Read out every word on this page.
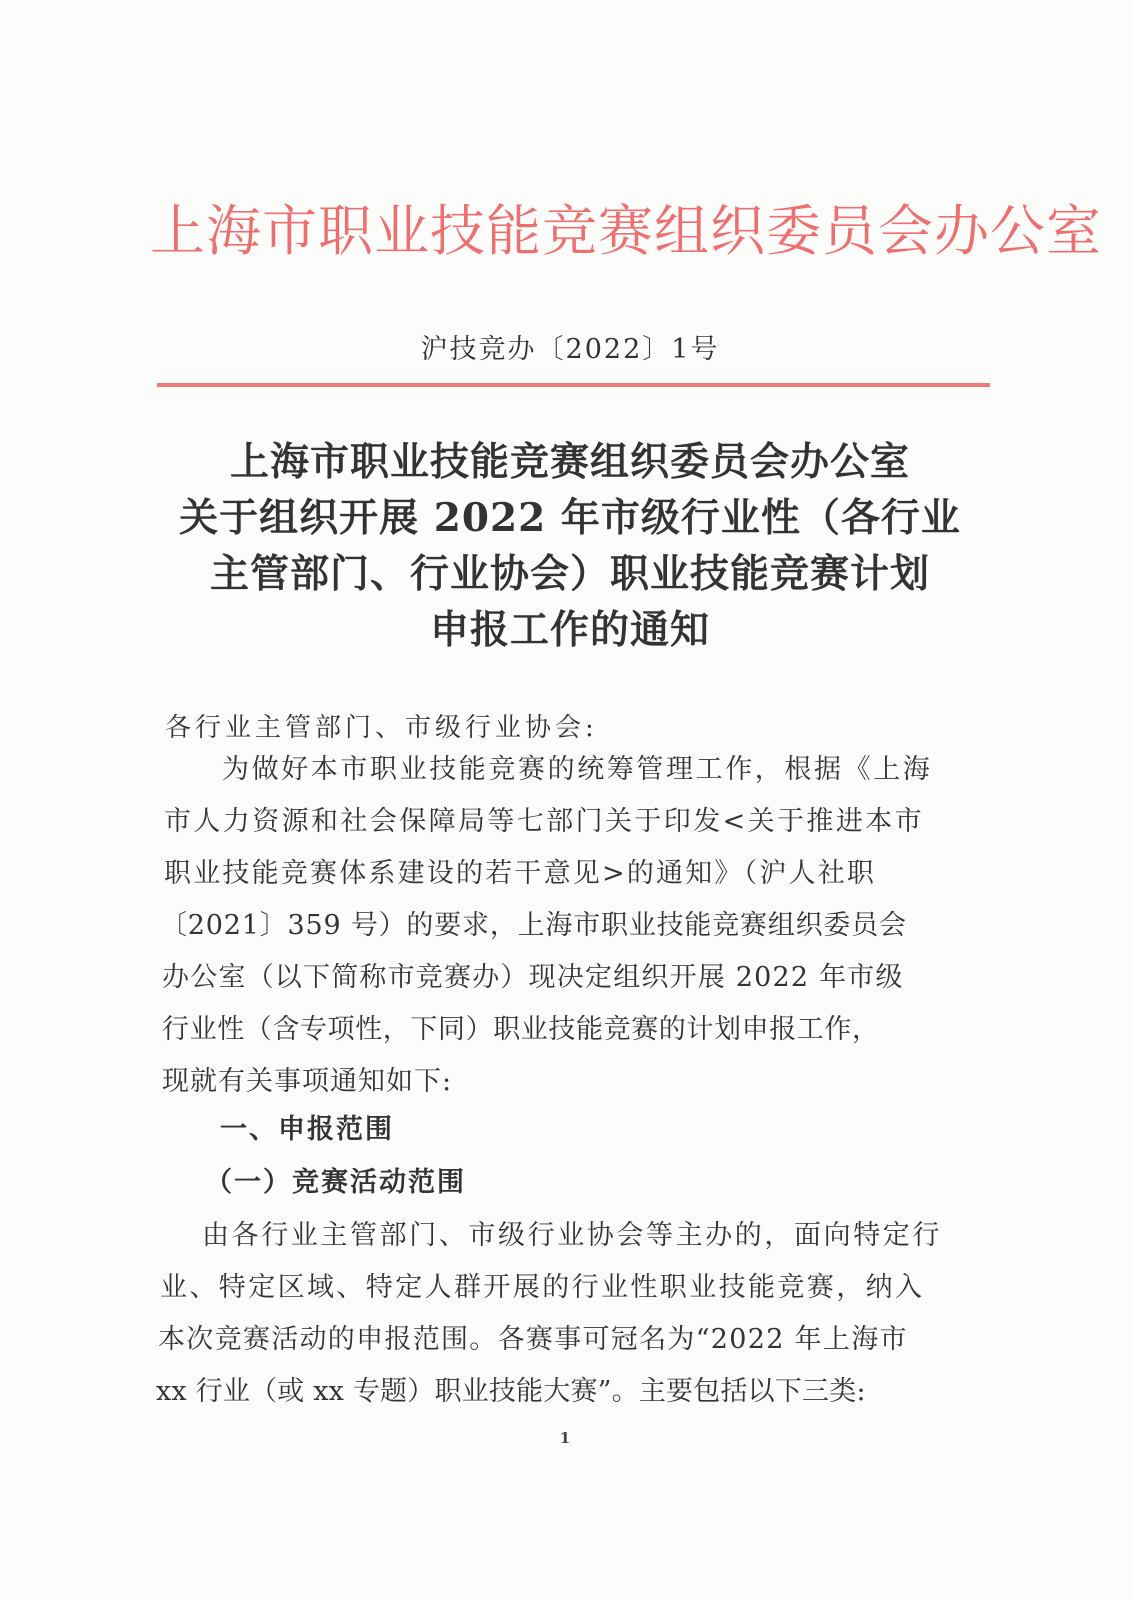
上海市职业技能竞赛组织委员会办公室
沪技竞办〔2022〕1号
上海市职业技能竞赛组织委员会办公室
关于组织开展 2022 年市级行业性（各行业
主管部门、行业协会）职业技能竞赛计划
申报工作的通知
各行业主管部门、市级行业协会:
为做好本市职业技能竞赛的统筹管理工作，根据《上海
市人力资源和社会保障局等七部门关于印发<关于推进本市
职业技能竞赛体系建设的若干意见>的通知》（沪人社职
〔2021〕359 号）的要求，上海市职业技能竞赛组织委员会
办公室（以下简称市竞赛办）现决定组织开展 2022 年市级
行业性（含专项性，下同）职业技能竞赛的计划申报工作，
现就有关事项通知如下:
一、申报范围
（一）竞赛活动范围
由各行业主管部门、市级行业协会等主办的，面向特定行
业、特定区域、特定人群开展的行业性职业技能竞赛，纳入
本次竞赛活动的申报范围。各赛事可冠名为“2022 年上海市
xx 行业（或 xx 专题）职业技能大赛”。主要包括以下三类:
1
